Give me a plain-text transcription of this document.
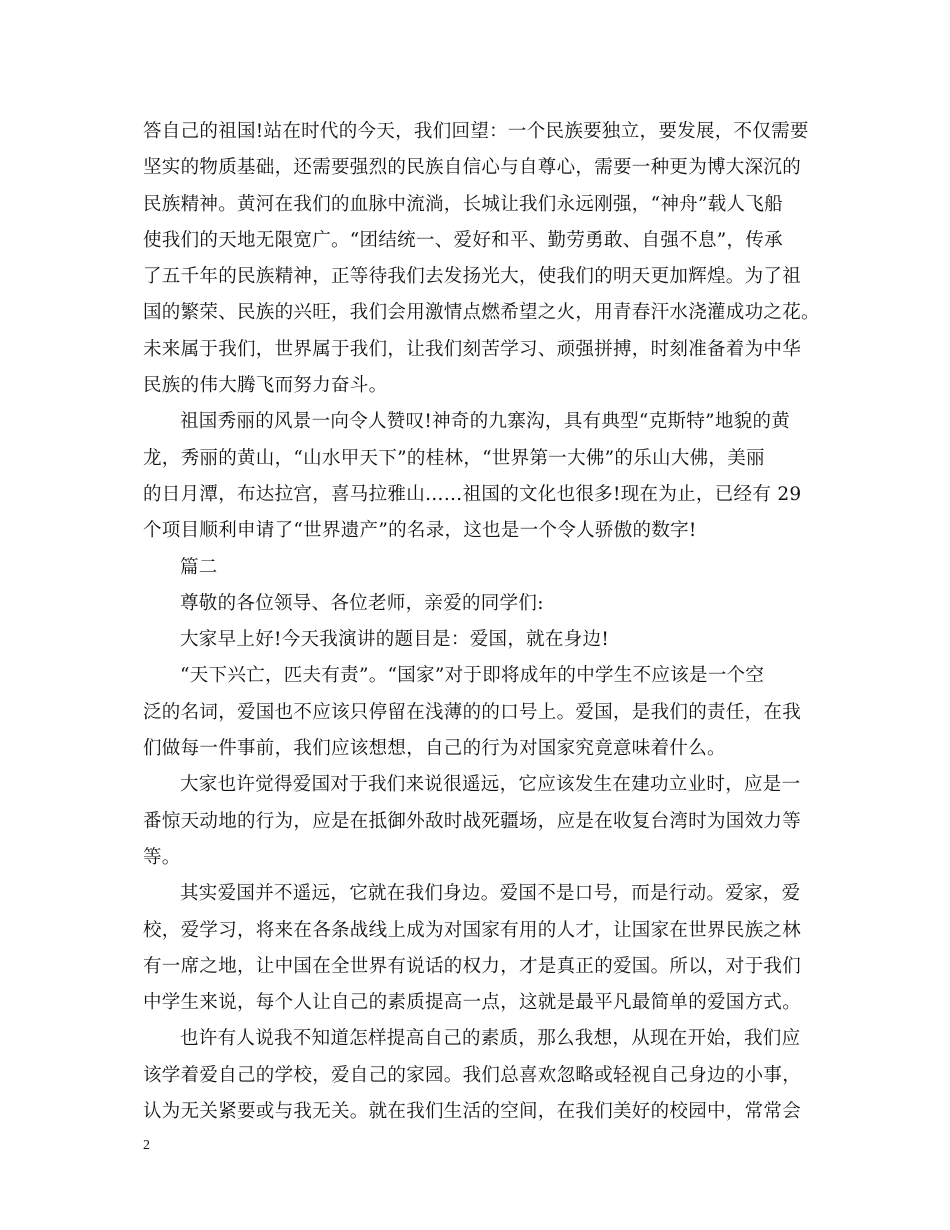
答自己的祖国!站在时代的今天，我们回望：一个民族要独立，要发展，不仅需要
坚实的物质基础，还需要强烈的民族自信心与自尊心，需要一种更为博大深沉的
民族精神。黄河在我们的血脉中流淌，长城让我们永远刚强，“神舟”载人飞船
使我们的天地无限宽广。“团结统一、爱好和平、勤劳勇敢、自强不息”，传承
了五千年的民族精神，正等待我们去发扬光大，使我们的明天更加辉煌。为了祖
国的繁荣、民族的兴旺，我们会用激情点燃希望之火，用青春汗水浇灌成功之花。
未来属于我们，世界属于我们，让我们刻苦学习、顽强拼搏，时刻准备着为中华
民族的伟大腾飞而努力奋斗。
祖国秀丽的风景一向令人赞叹!神奇的九寨沟，具有典型“克斯特”地貌的黄
龙，秀丽的黄山，“山水甲天下”的桂林，“世界第一大佛”的乐山大佛，美丽
的日月潭，布达拉宫，喜马拉雅山……祖国的文化也很多!现在为止，已经有 29
个项目顺利申请了“世界遗产”的名录，这也是一个令人骄傲的数字!
篇二
尊敬的各位领导、各位老师，亲爱的同学们:
大家早上好!今天我演讲的题目是：爱国，就在身边!
“天下兴亡，匹夫有责”。“国家”对于即将成年的中学生不应该是一个空
泛的名词，爱国也不应该只停留在浅薄的的口号上。爱国，是我们的责任，在我
们做每一件事前，我们应该想想，自己的行为对国家究竟意味着什么。
大家也许觉得爱国对于我们来说很遥远，它应该发生在建功立业时，应是一
番惊天动地的行为，应是在抵御外敌时战死疆场，应是在收复台湾时为国效力等
等。
其实爱国并不遥远，它就在我们身边。爱国不是口号，而是行动。爱家，爱
校，爱学习，将来在各条战线上成为对国家有用的人才，让国家在世界民族之林
有一席之地，让中国在全世界有说话的权力，才是真正的爱国。所以，对于我们
中学生来说，每个人让自己的素质提高一点，这就是最平凡最简单的爱国方式。
也许有人说我不知道怎样提高自己的素质，那么我想，从现在开始，我们应
该学着爱自己的学校，爱自己的家园。我们总喜欢忽略或轻视自己身边的小事，
认为无关紧要或与我无关。就在我们生活的空间，在我们美好的校园中，常常会
2
